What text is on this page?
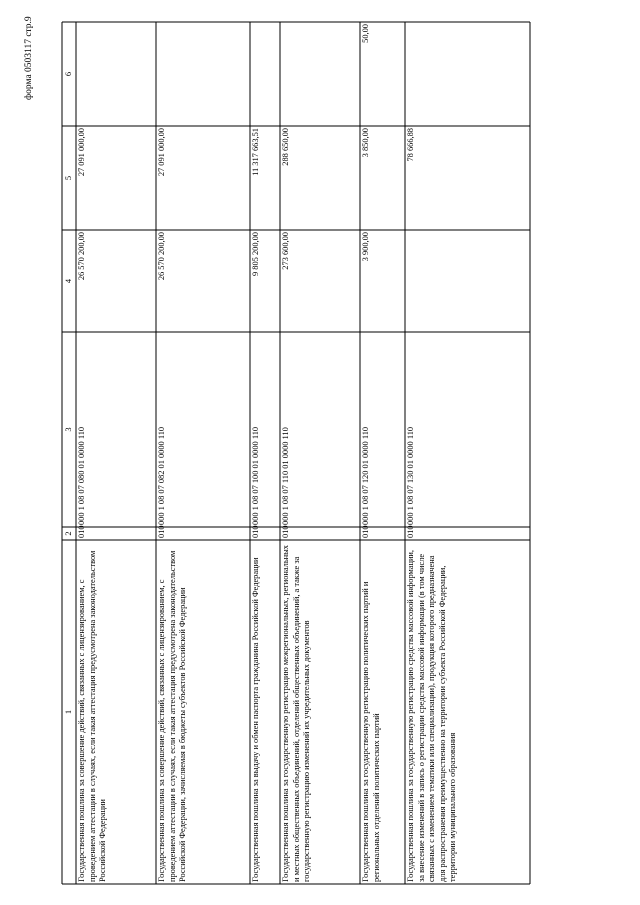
форма 0503117 стр.9
1
2
3
4
5
6
Государственная пошлина за совершение действий, связанных с лицензированием, с проведением аттестации в случаях, если такая аттестация предусмотрена законодательством Российской Федерации
010
000 1 08 07 080 01 0000 110
26 570 200,00
27 091 000,00
Государственная пошлина за совершение действий, связанных с лицензированием, с проведением аттестации в случаях, если такая аттестация предусмотрена законодательством Российской Федерации, зачисляемая в бюджеты субъектов Российской Федерации
010
000 1 08 07 082 01 0000 110
26 570 200,00
27 091 000,00
Государственная пошлина за выдачу и обмен паспорта гражданина Российской Федерации
010
000 1 08 07 100 01 0000 110
9 805 200,00
11 317 663,51
Государственная пошлина за государственную регистрацию межрегиональных, региональных и местных общественных объединений, отделений общественных объединений, а также за государственную регистрацию изменений их учредительных документов
010
000 1 08 07 110 01 0000 110
273 600,00
288 650,00
Государственная пошлина за государственную регистрацию политических партий и региональных отделений политических партий
010
000 1 08 07 120 01 0000 110
3 900,00
3 850,00
50,00
Государственная пошлина за государственную регистрацию средства массовой информации, за внесение изменений в запись о регистрации средства массовой информации (в том числе связанных с изменением тематики или специализации), продукция которого предназначена для распространения преимущественно на территории субъекта Российской Федерации, территории муниципального образования
010
000 1 08 07 130 01 0000 110
78 666,88
